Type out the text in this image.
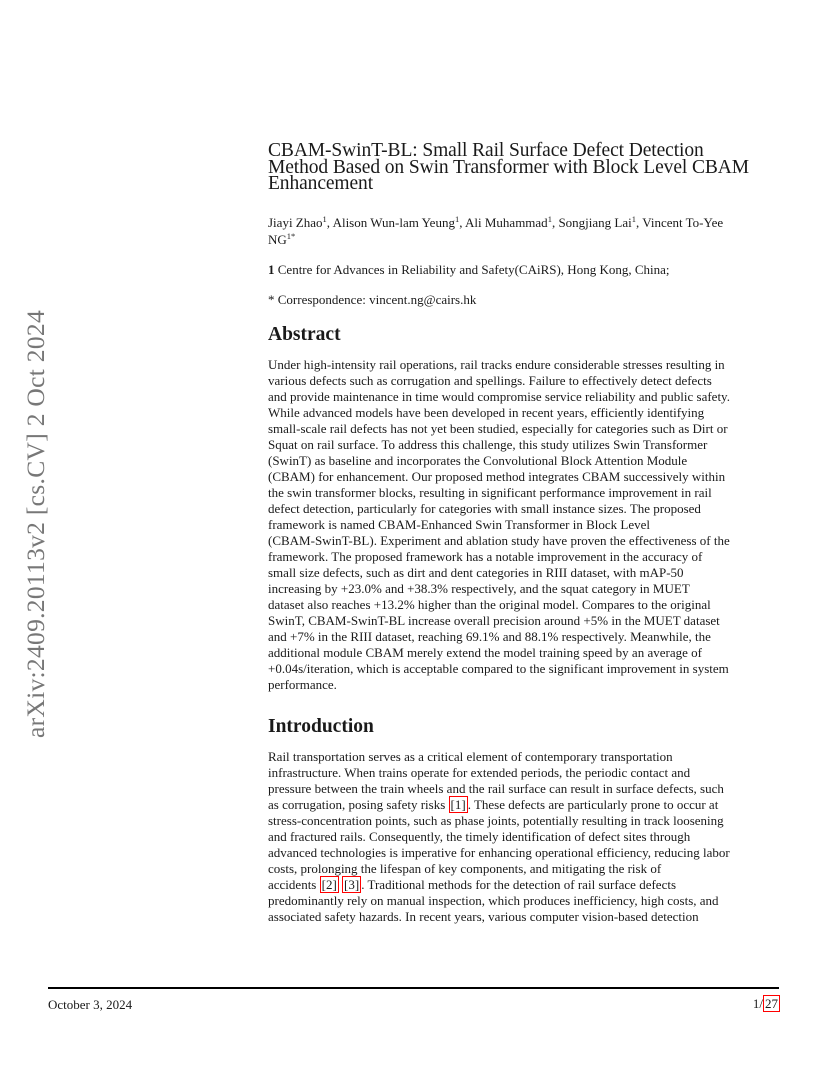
arXiv:2409.20113v2 [cs.CV] 2 Oct 2024
CBAM-SwinT-BL: Small Rail Surface Defect Detection
Method Based on Swin Transformer with Block Level CBAM
Enhancement
Jiayi Zhao$^1$, Alison Wun-lam Yeung$^1$, Ali Muhammad$^1$, Songjiang Lai$^1$, Vincent To-Yee
$NG^{1*}$
1 Centre for Advances in Reliability and Safety(CAiRS), Hong Kong, China;
* Correspondence: vincent.ng@cairs.hk
Abstract
Under high-intensity rail operations, rail tracks endure considerable stresses resulting in
various defects such as corrugation and spellings. Failure to effectively detect defects
and provide maintenance in time would compromise service reliability and public safety.
While advanced models have been developed in recent years, efficiently identifying
small-scale rail defects has not yet been studied, especially for categories such as Dirt or
Squat on rail surface. To address this challenge, this study utilizes Swin Transformer
(SwinT) as baseline and incorporates the Convolutional Block Attention Module
(CBAM) for enhancement. Our proposed method integrates CBAM successively within
the swin transformer blocks, resulting in significant performance improvement in rail
defect detection, particularly for categories with small instance sizes. The proposed
framework is named CBAM-Enhanced Swin Transformer in Block Level
(CBAM-SwinT-BL). Experiment and ablation study have proven the effectiveness of the
framework. The proposed framework has a notable improvement in the accuracy of
small size defects, such as dirt and dent categories in RIII dataset, with mAP-50
increasing by +23.0% and +38.3% respectively, and the squat category in MUET
dataset also reaches +13.2% higher than the original model. Compares to the original
SwinT, CBAM-SwinT-BL increase overall precision around +5% in the MUET dataset
and +7% in the RIII dataset, reaching 69.1% and 88.1% respectively. Meanwhile, the
additional module CBAM merely extend the model training speed by an average of
+0.04s/iteration, which is acceptable compared to the significant improvement in system
performance.
Introduction
Rail transportation serves as a critical element of contemporary transportation
infrastructure. When trains operate for extended periods, the periodic contact and
pressure between the train wheels and the rail surface can result in surface defects, such
as corrugation, posing safety risks [1] . These defects are particularly prone to occur at
stress-concentration points, such as phase joints, potentially resulting in track loosening
and fractured rails. Consequently, the timely identification of defect sites through
advanced technologies is imperative for enhancing operational efficiency, reducing labor
costs, prolonging the lifespan of key components, and mitigating the risk of
accidents [2] [3] . Traditional methods for the detection of rail surface defects
predominantly rely on manual inspection, which produces inefficiency, high costs, and
associated safety hazards. In recent years, various computer vision-based detection
October 3, 2024	1/ 27
